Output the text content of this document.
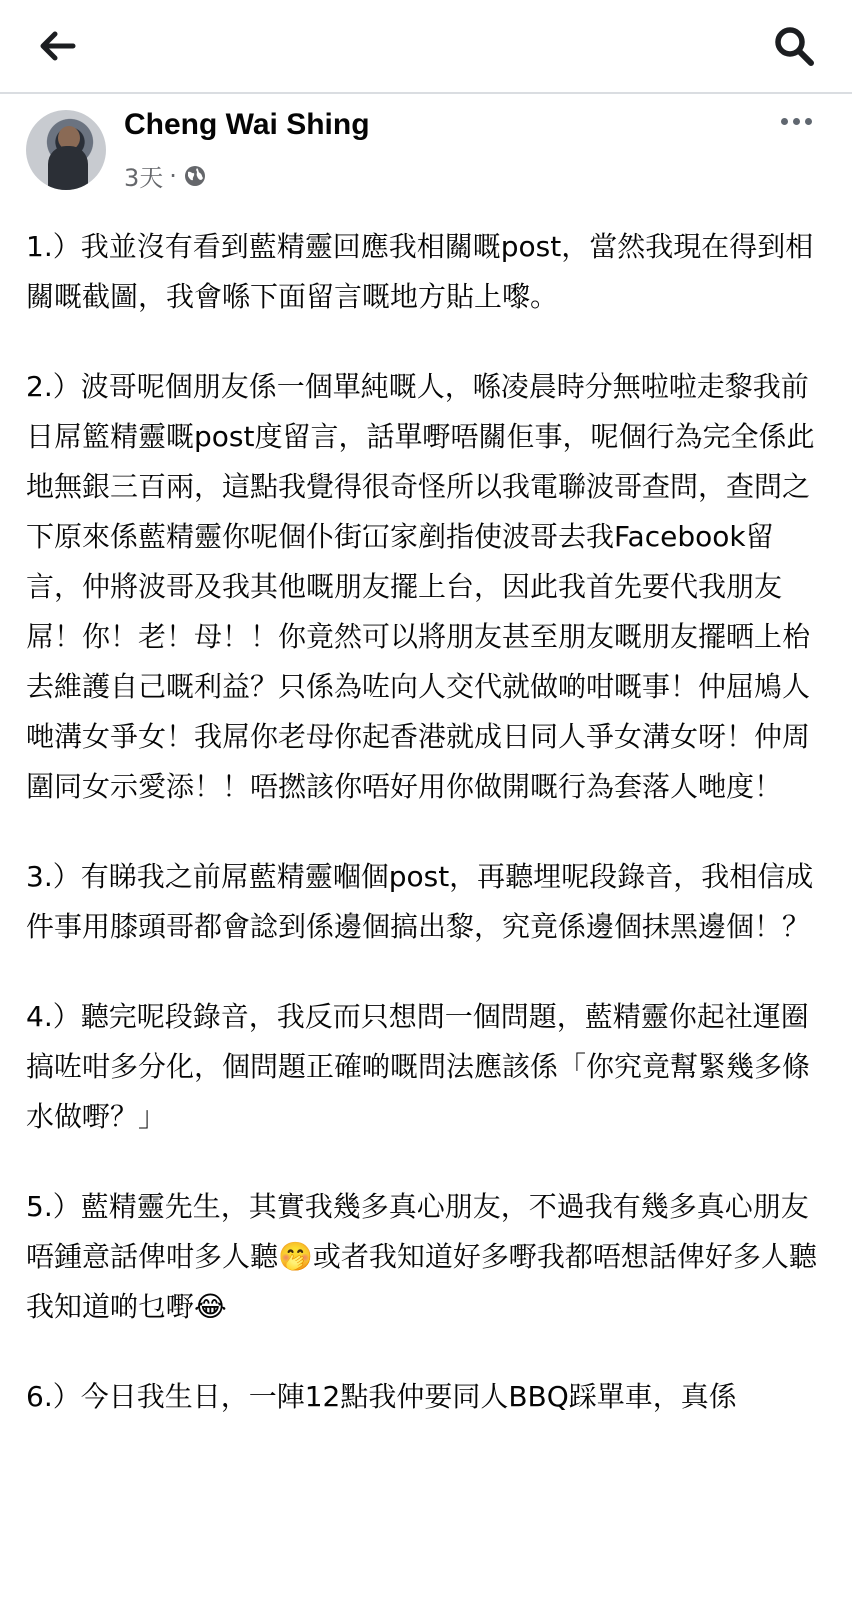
Cheng Wai Shing
3天 ·

1.）我並沒有看到藍精靈回應我￼相關嘅post，當然我現在得到相關嘅截圖，我會喺下面留言嘅地方貼上嚟。￼￼

2.）￼波哥呢個朋友係一個單純嘅人￼，喺凌晨時分無啦啦走黎我前日屌籃￼精靈￼嘅post￼度￼留言，話單嘢唔關佢事，呢個行為￼完全係此地無銀三百兩，這點我覺得很奇怪￼所以我電聯波哥查問￼，查問之下￼原來係藍精靈你呢個仆街冚家剷指使波哥去我Facebook留言，仲將波哥及我其他嘅朋友擺上台，因此我首先要代我朋友屌！你！老！母！！￼￼￼￼你竟然可以將朋友甚至朋友嘅￼朋友擺晒上枱￼去維護自己嘅利益？只係為咗向人交代就做啲咁嘅事！￼￼仲屈鳩人哋溝女爭女￼！我屌你老母你起香港就成日同人爭女溝女呀！仲周圍同女示愛添！！￼￼唔撚該你唔好用你做開嘅行為套落人哋度！￼

3.）有睇我之前屌藍精靈嗰個post，再聽埋呢段錄音，￼我相信成件事用膝頭哥都會諗到係邊個搞出黎￼，究竟係邊個抹黑邊個！？

4.）聽完呢段錄音，我反而只想問一個問題，藍精靈￼你起社運圈搞咗咁多分化，個問題正確啲嘅問法應該係￼「你究竟￼幫緊幾多條￼￼￼水做嘢？」

5.）藍精靈先生，其實我幾多真心朋友￼，不過我有幾多真心朋友唔鍾意話俾咁多人聽￼🤭或者我知道好多嘢我都唔想話俾好多人聽我知道啲乜嘢😂￼

6.）今日我生日，一陣12點我仲要同人BBQ踩單車，真係
